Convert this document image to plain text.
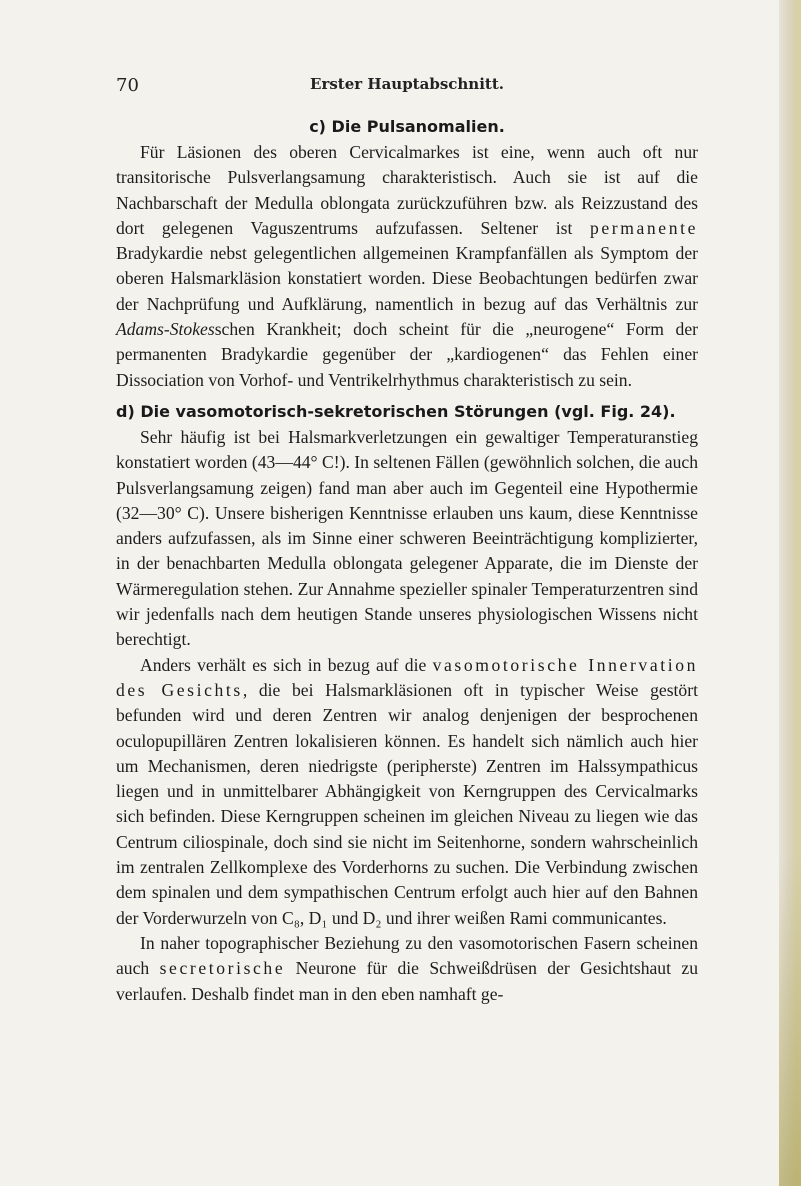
70	Erster Hauptabschnitt.
c) Die Pulsanomalien.

Für Läsionen des oberen Cervicalmarkes ist eine, wenn auch oft nur transitorische Pulsverlangsamung charakteristisch. Auch sie ist auf die Nachbarschaft der Medulla oblongata zurückzuführen bzw. als Reizzustand des dort gelegenen Vaguszentrums aufzufassen. Seltener ist permanente Bradykardie nebst gelegentlichen allgemeinen Krampfanfällen als Symptom der oberen Halsmarkläsion konstatiert worden. Diese Beobachtungen bedürfen zwar der Nachprüfung und Aufklärung, namentlich in bezug auf das Verhältnis zur Adams-Stokesschen Krankheit; doch scheint für die „neurogene“ Form der permanenten Bradykardie gegenüber der „kardiogenen“ das Fehlen einer Dissociation von Vorhof- und Ventrikelrhythmus charakteristisch zu sein.

d) Die vasomotorisch-sekretorischen Störungen (vgl. Fig. 24).

Sehr häufig ist bei Halsmarkverletzungen ein gewaltiger Temperaturanstieg konstatiert worden (43—44° C!). In seltenen Fällen (gewöhnlich solchen, die auch Pulsverlangsamung zeigen) fand man aber auch im Gegenteil eine Hypothermie (32—30° C). Unsere bisherigen Kenntnisse erlauben uns kaum, diese Kenntnisse anders aufzufassen, als im Sinne einer schweren Beeinträchtigung komplizierter, in der benachbarten Medulla oblongata gelegener Apparate, die im Dienste der Wärmeregulation stehen. Zur Annahme spezieller spinaler Temperaturzentren sind wir jedenfalls nach dem heutigen Stande unseres physiologischen Wissens nicht berechtigt.

Anders verhält es sich in bezug auf die vasomotorische Innervation des Gesichts, die bei Halsmarkläsionen oft in typischer Weise gestört befunden wird und deren Zentren wir analog denjenigen der besprochenen oculopupillären Zentren lokalisieren können. Es handelt sich nämlich auch hier um Mechanismen, deren niedrigste (peripherste) Zentren im Halssympathicus liegen und in unmittelbarer Abhängigkeit von Kerngruppen des Cervicalmarks sich befinden. Diese Kerngruppen scheinen im gleichen Niveau zu liegen wie das Centrum ciliospinale, doch sind sie nicht im Seitenhorne, sondern wahrscheinlich im zentralen Zellkomplexe des Vorderhorns zu suchen. Die Verbindung zwischen dem spinalen und dem sympathischen Centrum erfolgt auch hier auf den Bahnen der Vorderwurzeln von C₈, D₁ und D₂ und ihrer weißen Rami communicantes.

In naher topographischer Beziehung zu den vasomotorischen Fasern scheinen auch secretorische Neurone für die Schweißdrüsen der Gesichtshaut zu verlaufen. Deshalb findet man in den eben namhaft ge-
